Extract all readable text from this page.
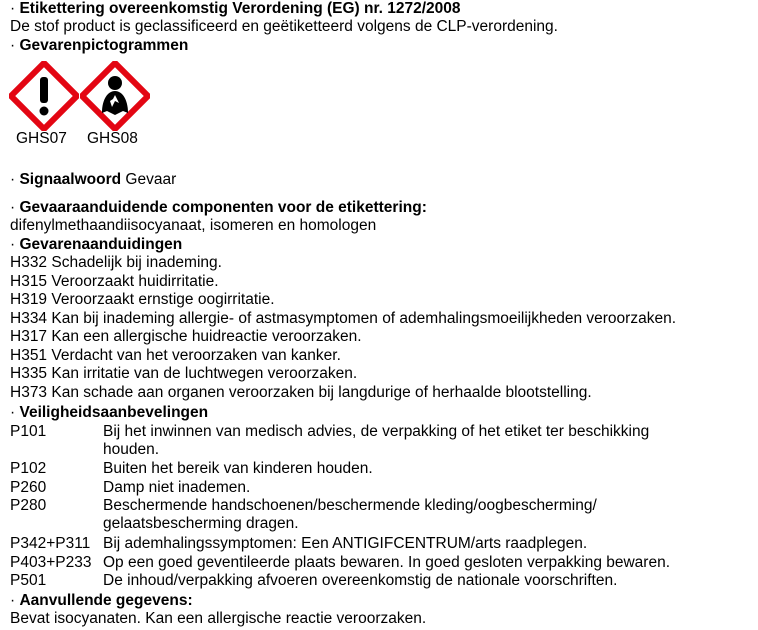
· Etikettering overeenkomstig Verordening (EG) nr. 1272/2008
De stof product is geclassificeerd en geëtiketteerd volgens de CLP-verordening.
· Gevarenpictogrammen
GHS07 GHS08
· Signaalwoord Gevaar
· Gevaaraanduidende componenten voor de etikettering:
difenylmethaandiisocyanaat, isomeren en homologen
· Gevarenaanduidingen
H332 Schadelijk bij inademing.
H315 Veroorzaakt huidirritatie.
H319 Veroorzaakt ernstige oogirritatie.
H334 Kan bij inademing allergie- of astmasymptomen of ademhalingsmoeilijkheden veroorzaken.
H317 Kan een allergische huidreactie veroorzaken.
H351 Verdacht van het veroorzaken van kanker.
H335 Kan irritatie van de luchtwegen veroorzaken.
H373 Kan schade aan organen veroorzaken bij langdurige of herhaalde blootstelling.
· Veiligheidsaanbevelingen
P101	Bij het inwinnen van medisch advies, de verpakking of het etiket ter beschikking
houden.
P102	Buiten het bereik van kinderen houden.
P260	Damp niet inademen.
P280	Beschermende handschoenen/beschermende kleding/oogbescherming/
gelaatsbescherming dragen.
P342+P311 Bij ademhalingssymptomen: Een ANTIGIFCENTRUM/arts raadplegen.
P403+P233 Op een goed geventileerde plaats bewaren. In goed gesloten verpakking bewaren.
P501	De inhoud/verpakking afvoeren overeenkomstig de nationale voorschriften.
· Aanvullende gegevens:
Bevat isocyanaten. Kan een allergische reactie veroorzaken.
